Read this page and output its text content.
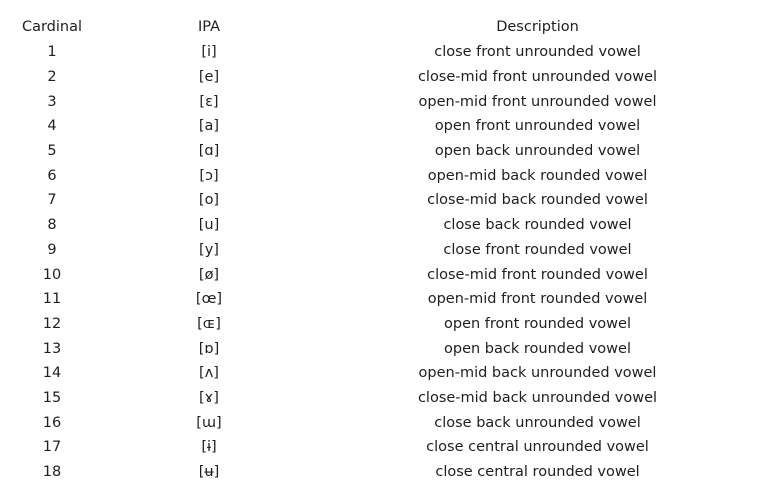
Cardinal	IPA	Description
1	[i]	close front unrounded vowel
2	[e]	close-mid front unrounded vowel
3	[ɛ]	open-mid front unrounded vowel
4	[a]	open front unrounded vowel
5	[ɑ]	open back unrounded vowel
6	[ɔ]	open-mid back rounded vowel
7	[o]	close-mid back rounded vowel
8	[u]	close back rounded vowel
9	[y]	close front rounded vowel
10	[ø]	close-mid front rounded vowel
11	[œ]	open-mid front rounded vowel
12	[ɶ]	open front rounded vowel
13	[ɒ]	open back rounded vowel
14	[ʌ]	open-mid back unrounded vowel
15	[ɤ]	close-mid back unrounded vowel
16	[ɯ]	close back unrounded vowel
17	[ɨ]	close central unrounded vowel
18	[ʉ]	close central rounded vowel
